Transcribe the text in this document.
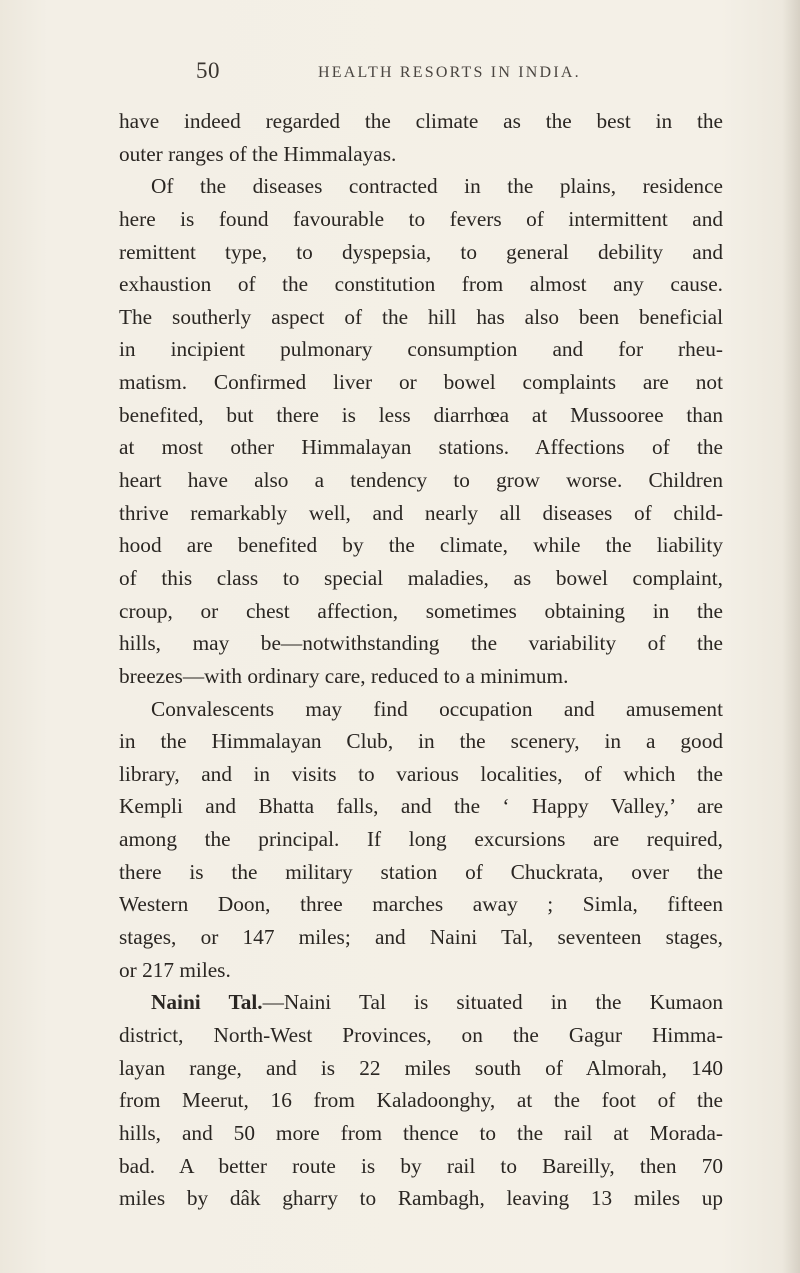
50	HEALTH RESORTS IN INDIA.
have indeed regarded the climate as the best in the
outer ranges of the Himmalayas.
Of the diseases contracted in the plains, residence
here is found favourable to fevers of intermittent and
remittent type, to dyspepsia, to general debility and
exhaustion of the constitution from almost any cause.
The southerly aspect of the hill has also been beneficial
in incipient pulmonary consumption and for rheu-
matism. Confirmed liver or bowel complaints are not
benefited, but there is less diarrhœa at Mussooree than
at most other Himmalayan stations. Affections of the
heart have also a tendency to grow worse. Children
thrive remarkably well, and nearly all diseases of child-
hood are benefited by the climate, while the liability
of this class to special maladies, as bowel complaint,
croup, or chest affection, sometimes obtaining in the
hills, may be—notwithstanding the variability of the
breezes—with ordinary care, reduced to a minimum.
Convalescents may find occupation and amusement
in the Himmalayan Club, in the scenery, in a good
library, and in visits to various localities, of which the
Kempli and Bhatta falls, and the ‘ Happy Valley,’ are
among the principal. If long excursions are required,
there is the military station of Chuckrata, over the
Western Doon, three marches away ; Simla, fifteen
stages, or 147 miles; and Naini Tal, seventeen stages,
or 217 miles.
Naini Tal.—Naini Tal is situated in the Kumaon
district, North-West Provinces, on the Gagur Himma-
layan range, and is 22 miles south of Almorah, 140
from Meerut, 16 from Kaladoonghy, at the foot of the
hills, and 50 more from thence to the rail at Morada-
bad. A better route is by rail to Bareilly, then 70
miles by dâk gharry to Rambagh, leaving 13 miles up
